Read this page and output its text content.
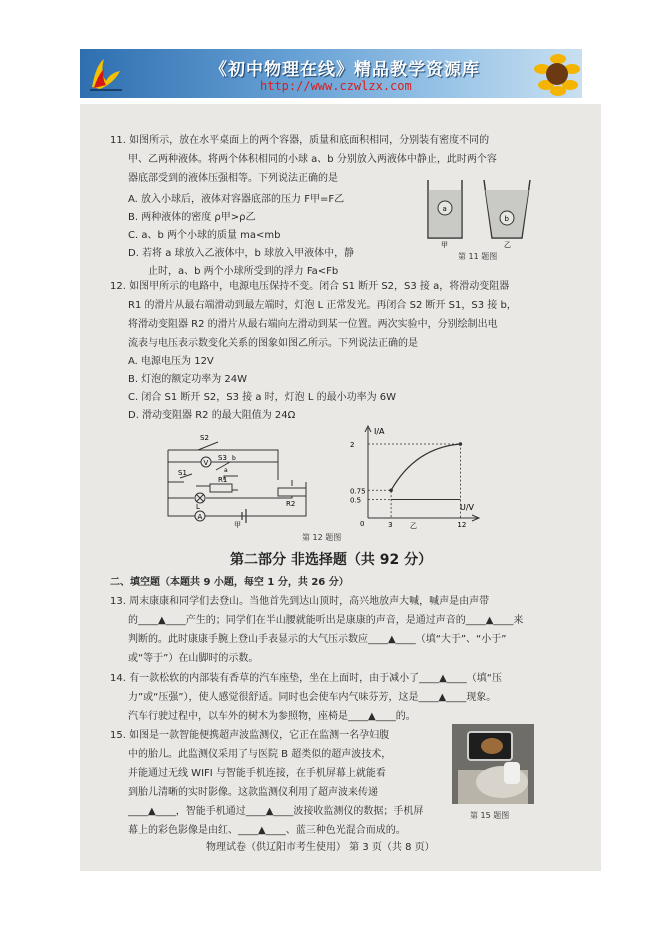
《初中物理在线》精品教学资源库
http://www.czwlzx.com
11. 如图所示，放在水平桌面上的两个容器，质量和底面积相同，分别装有密度不同的
甲、乙两种液体。将两个体积相同的小球 a、b 分别放入两液体中静止，此时两个容
器底部受到的液体压强相等。下列说法正确的是
A. 放入小球后，液体对容器底部的压力 F甲=F乙
B. 两种液体的密度 ρ甲>ρ乙
C. a、b 两个小球的质量 ma<mb
D. 若将 a 球放入乙液体中，b 球放入甲液体中，静
止时，a、b 两个小球所受到的浮力 Fa<Fb
a
b
甲	乙
第 11 题图
12. 如图甲所示的电路中，电源电压保持不变。闭合 S1 断开 S2，S3 接 a，将滑动变阻器
R1 的滑片从最右端滑动到最左端时，灯泡 L 正常发光。再闭合 S2 断开 S1，S3 接 b，
将滑动变阻器 R2 的滑片从最右端向左滑动到某一位置。两次实验中，分别绘制出电
流表与电压表示数变化关系的图象如图乙所示。下列说法正确的是
A. 电源电压为 12V
B. 灯泡的额定功率为 24W
C. 闭合 S1 断开 S2，S3 接 a 时，灯泡 L 的最小功率为 6W
D. 滑动变阻器 R2 的最大阻值为 24Ω
V
A
S2
S3 b
a
S1
R1
R2
L
甲
I/A
U/V
0	乙
2
0.75
0.5
3	12
第 12 题图
第二部分 非选择题（共 92 分）
二、填空题（本题共 9 小题，每空 1 分，共 26 分）
13. 周末康康和同学们去登山。当他首先到达山顶时，高兴地放声大喊，喊声是由声带
的____▲____产生的；同学们在半山腰就能听出是康康的声音，是通过声音的____▲____来
判断的。此时康康手腕上登山手表显示的大气压示数应____▲____（填“大于”、“小于”
或“等于”）在山脚时的示数。
14. 有一款松软的内部装有香草的汽车座垫，坐在上面时，由于减小了____▲____（填“压
力”或“压强”），使人感觉很舒适。同时也会使车内气味芬芳，这是____▲____现象。
汽车行驶过程中，以车外的树木为参照物，座椅是____▲____的。
15. 如图是一款智能便携超声波监测仪，它正在监测一名孕妇腹
中的胎儿。此监测仪采用了与医院 B 超类似的超声波技术，
并能通过无线 WIFI 与智能手机连接，在手机屏幕上就能看
到胎儿清晰的实时影像。这款监测仪利用了超声波来传递
____▲____，智能手机通过____▲____波接收监测仪的数据；手机屏
幕上的彩色影像是由红、____▲____、蓝三种色光混合而成的。
第 15 题图
物理试卷（供辽阳市考生使用） 第 3 页（共 8 页）
